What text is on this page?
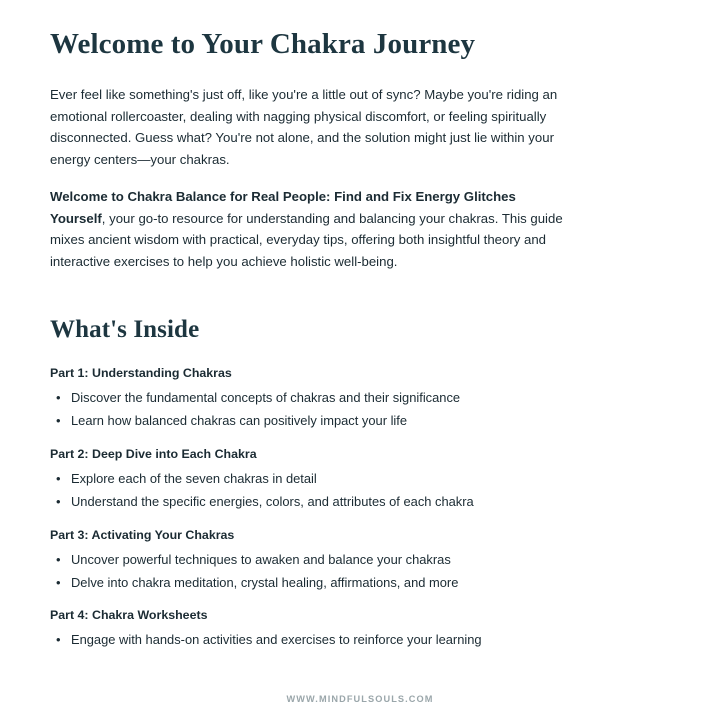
Welcome to Your Chakra Journey

Ever feel like something's just off, like you're a little out of sync? Maybe you're riding an emotional rollercoaster, dealing with nagging physical discomfort, or feeling spiritually disconnected. Guess what? You're not alone, and the solution might just lie within your energy centers—your chakras.

Welcome to Chakra Balance for Real People: Find and Fix Energy Glitches Yourself, your go-to resource for understanding and balancing your chakras. This guide mixes ancient wisdom with practical, everyday tips, offering both insightful theory and interactive exercises to help you achieve holistic well-being.

What's Inside
Part 1: Understanding Chakras
• Discover the fundamental concepts of chakras and their significance
• Learn how balanced chakras can positively impact your life
Part 2: Deep Dive into Each Chakra
• Explore each of the seven chakras in detail
• Understand the specific energies, colors, and attributes of each chakra
Part 3: Activating Your Chakras
• Uncover powerful techniques to awaken and balance your chakras
• Delve into chakra meditation, crystal healing, affirmations, and more
Part 4: Chakra Worksheets
• Engage with hands-on activities and exercises to reinforce your learning
WWW.MINDFULSOULS.COM
